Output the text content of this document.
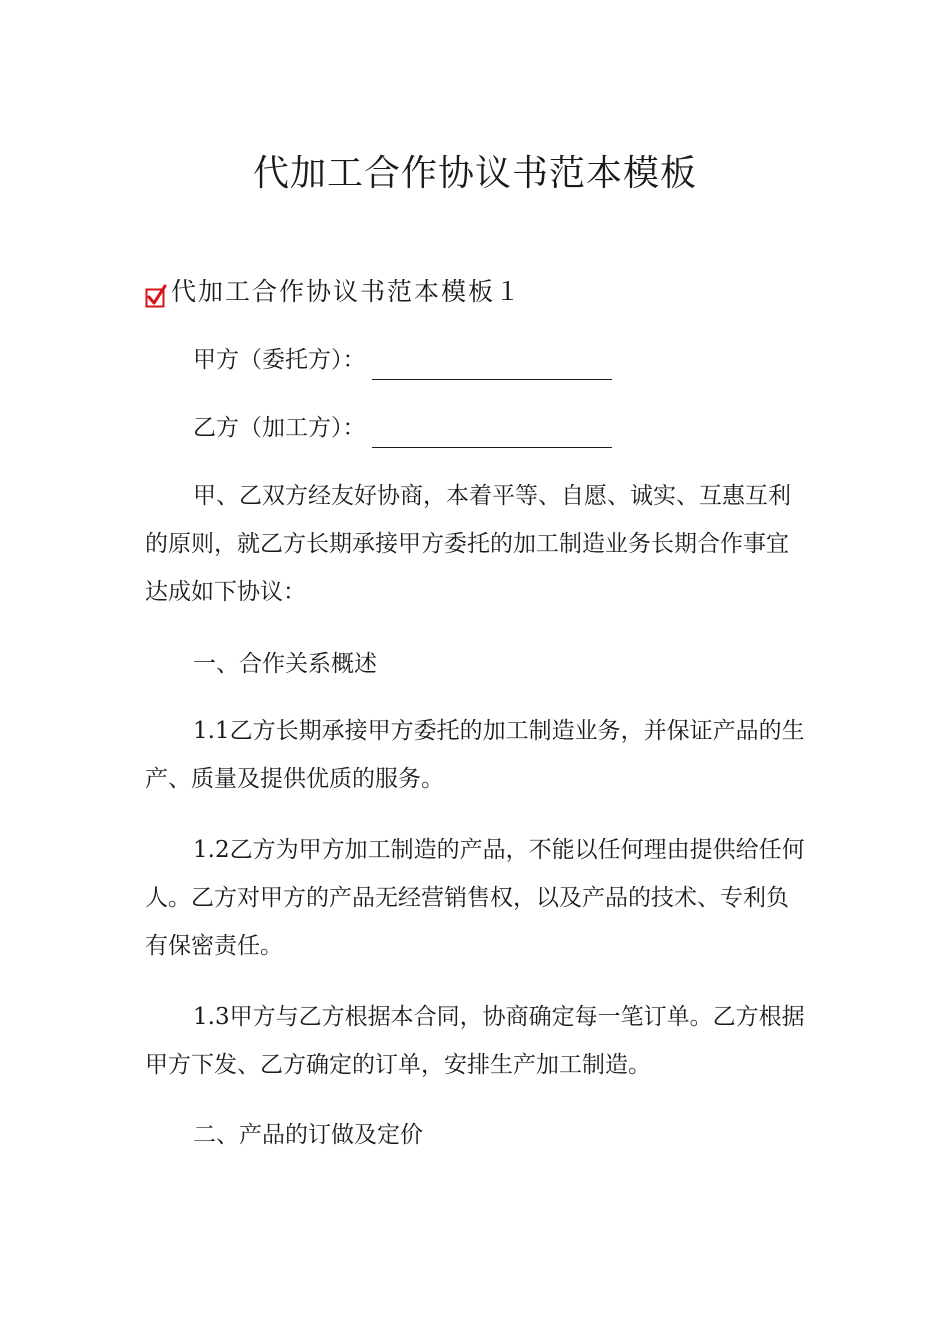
代加工合作协议书范本模板
代加工合作协议书范本模板１
甲方（委托方）：
乙方（加工方）：

甲、乙双方经友好协商，本着平等、自愿、诚实、互惠互利的原则，就乙方长期承接甲方委托的加工制造业务长期合作事宜达成如下协议：

一、合作关系概述

1.1乙方长期承接甲方委托的加工制造业务，并保证产品的生产、质量及提供优质的服务。

1.2乙方为甲方加工制造的产品，不能以任何理由提供给任何人。乙方对甲方的产品无经营销售权，以及产品的技术、专利负有保密责任。

1.3甲方与乙方根据本合同，协商确定每一笔订单。乙方根据甲方下发、乙方确定的订单，安排生产加工制造。

二、产品的订做及定价
